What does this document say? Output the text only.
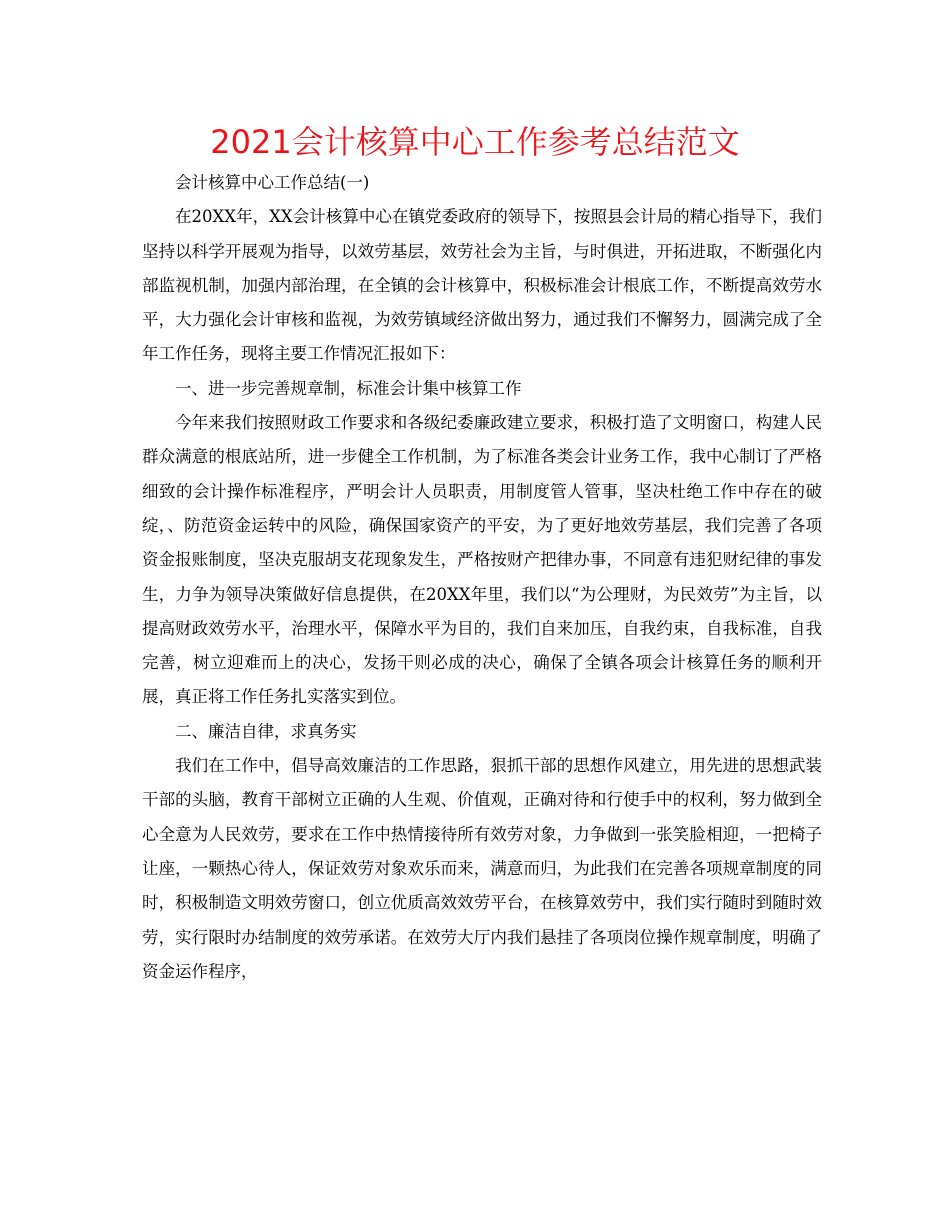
2021会计核算中心工作参考总结范文

会计核算中心工作总结(一)

在20XX年，XX会计核算中心在镇党委政府的领导下，按照县会计局的精心指导下，我们坚持以科学开展观为指导，以效劳基层，效劳社会为主旨，与时俱进，开拓进取，不断强化内部监视机制，加强内部治理，在全镇的会计核算中，积极标准会计根底工作，不断提高效劳水平，大力强化会计审核和监视，为效劳镇域经济做出努力，通过我们不懈努力，圆满完成了全年工作任务，现将主要工作情况汇报如下：

一、进一步完善规章制，标准会计集中核算工作

今年来我们按照财政工作要求和各级纪委廉政建立要求，积极打造了文明窗口，构建人民群众满意的根底站所，进一步健全工作机制，为了标准各类会计业务工作，我中心制订了严格细致的会计操作标准程序，严明会计人员职责，用制度管人管事，坚决杜绝工作中存在的破绽，、防范资金运转中的风险，确保国家资产的平安，为了更好地效劳基层，我们完善了各项资金报账制度，坚决克服胡支花现象发生，严格按财产把律办事，不同意有违犯财纪律的事发生，力争为领导决策做好信息提供，在20XX年里，我们以“为公理财，为民效劳”为主旨，以提高财政效劳水平，治理水平，保障水平为目的，我们自来加压，自我约束，自我标准，自我完善，树立迎难而上的决心，发扬干则必成的决心，确保了全镇各项会计核算任务的顺利开展，真正将工作任务扎实落实到位。

二、廉洁自律，求真务实

我们在工作中，倡导高效廉洁的工作思路，狠抓干部的思想作风建立，用先进的思想武装干部的头脑，教育干部树立正确的人生观、价值观，正确对待和行使手中的权利，努力做到全心全意为人民效劳，要求在工作中热情接待所有效劳对象，力争做到一张笑脸相迎，一把椅子让座，一颗热心待人，保证效劳对象欢乐而来，满意而归，为此我们在完善各项规章制度的同时，积极制造文明效劳窗口，创立优质高效效劳平台，在核算效劳中，我们实行随时到随时效劳，实行限时办结制度的效劳承诺。在效劳大厅内我们悬挂了各项岗位操作规章制度，明确了资金运作程序，
